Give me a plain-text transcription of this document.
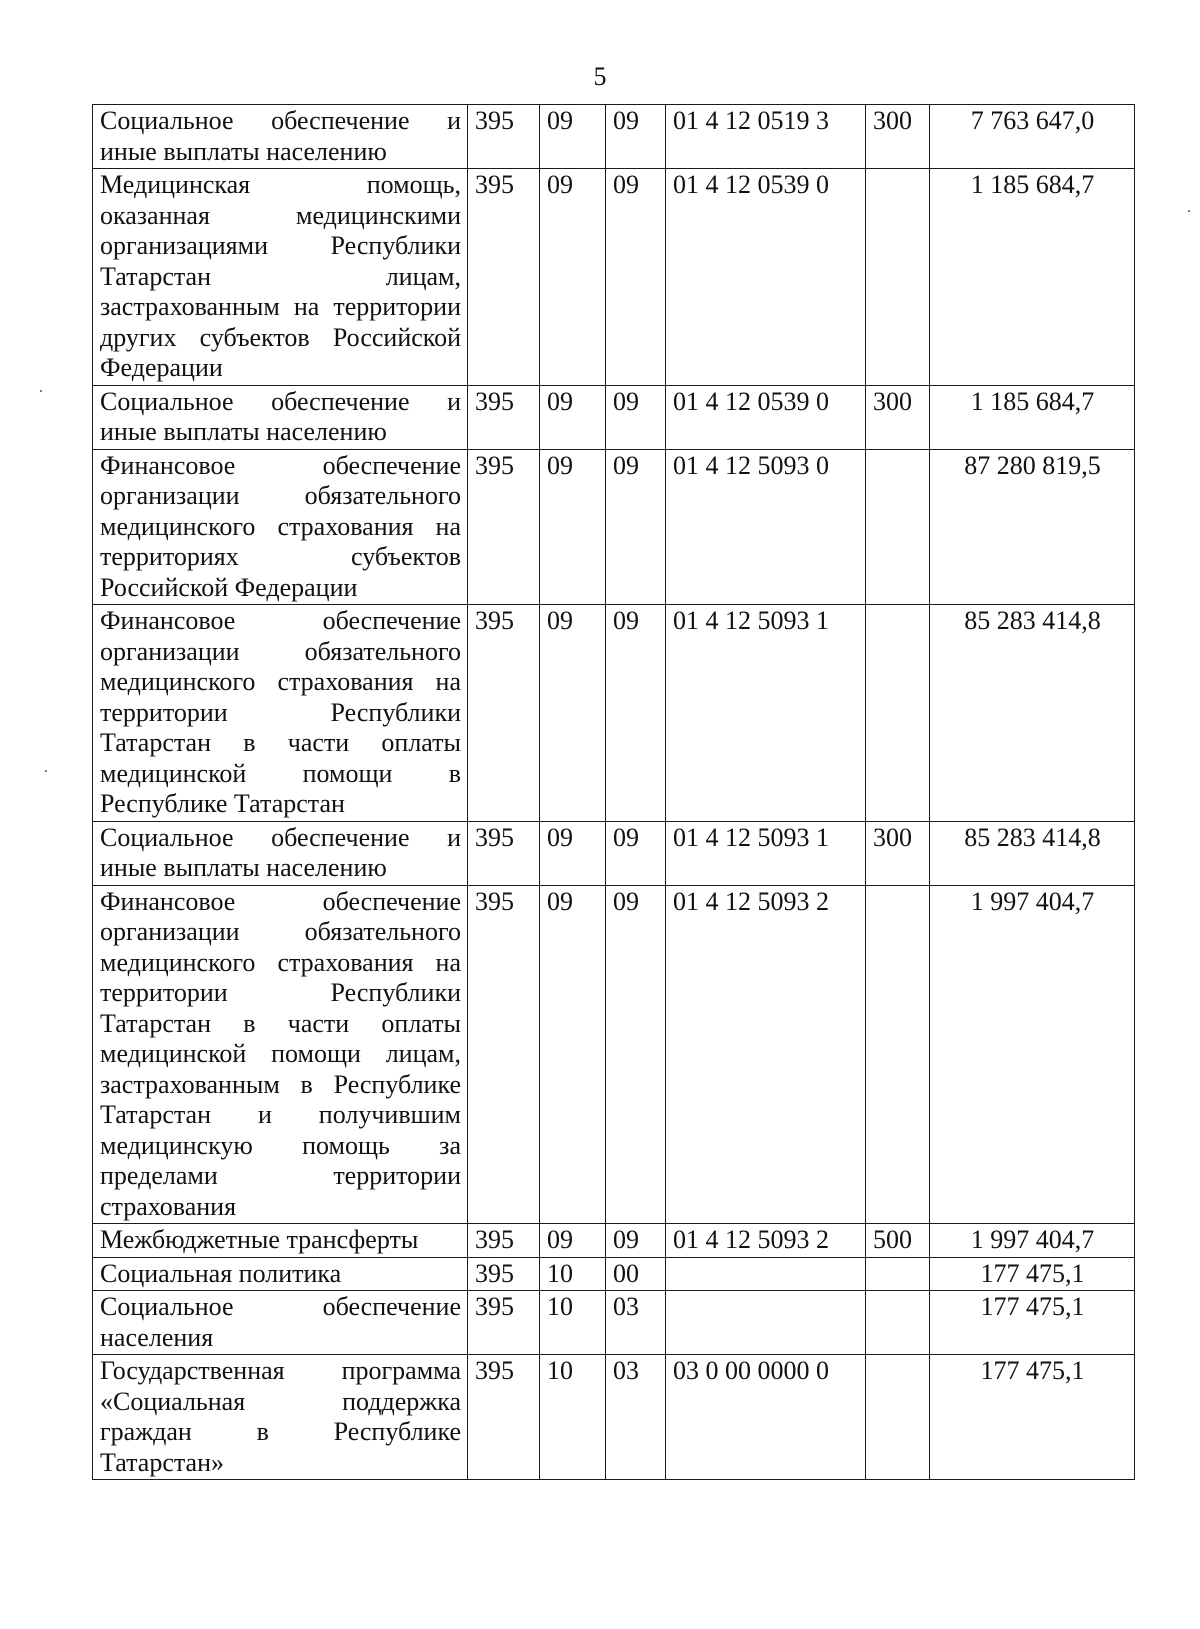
5
Социальное обеспечение и иные выплаты населению	395	09	09	01 4 12 0519 3	300	7 763 647,0
Медицинская помощь, оказанная медицинскими организациями Республики Татарстан лицам, застрахованным на территории других субъектов Российской Федерации	395	09	09	01 4 12 0539 0		1 185 684,7
Социальное обеспечение и иные выплаты населению	395	09	09	01 4 12 0539 0	300	1 185 684,7
Финансовое обеспечение организации обязательного медицинского страхования на территориях субъектов Российской Федерации	395	09	09	01 4 12 5093 0		87 280 819,5
Финансовое обеспечение организации обязательного медицинского страхования на территории Республики Татарстан в части оплаты медицинской помощи в Республике Татарстан	395	09	09	01 4 12 5093 1		85 283 414,8
Социальное обеспечение и иные выплаты населению	395	09	09	01 4 12 5093 1	300	85 283 414,8
Финансовое обеспечение организации обязательного медицинского страхования на территории Республики Татарстан в части оплаты медицинской помощи лицам, застрахованным в Республике Татарстан и получившим медицинскую помощь за пределами территории страхования	395	09	09	01 4 12 5093 2		1 997 404,7
Межбюджетные трансферты	395	09	09	01 4 12 5093 2	500	1 997 404,7
Социальная политика	395	10	00			177 475,1
Социальное обеспечение населения	395	10	03			177 475,1
Государственная программа «Социальная поддержка граждан в Республике Татарстан»	395	10	03	03 0 00 0000 0		177 475,1
